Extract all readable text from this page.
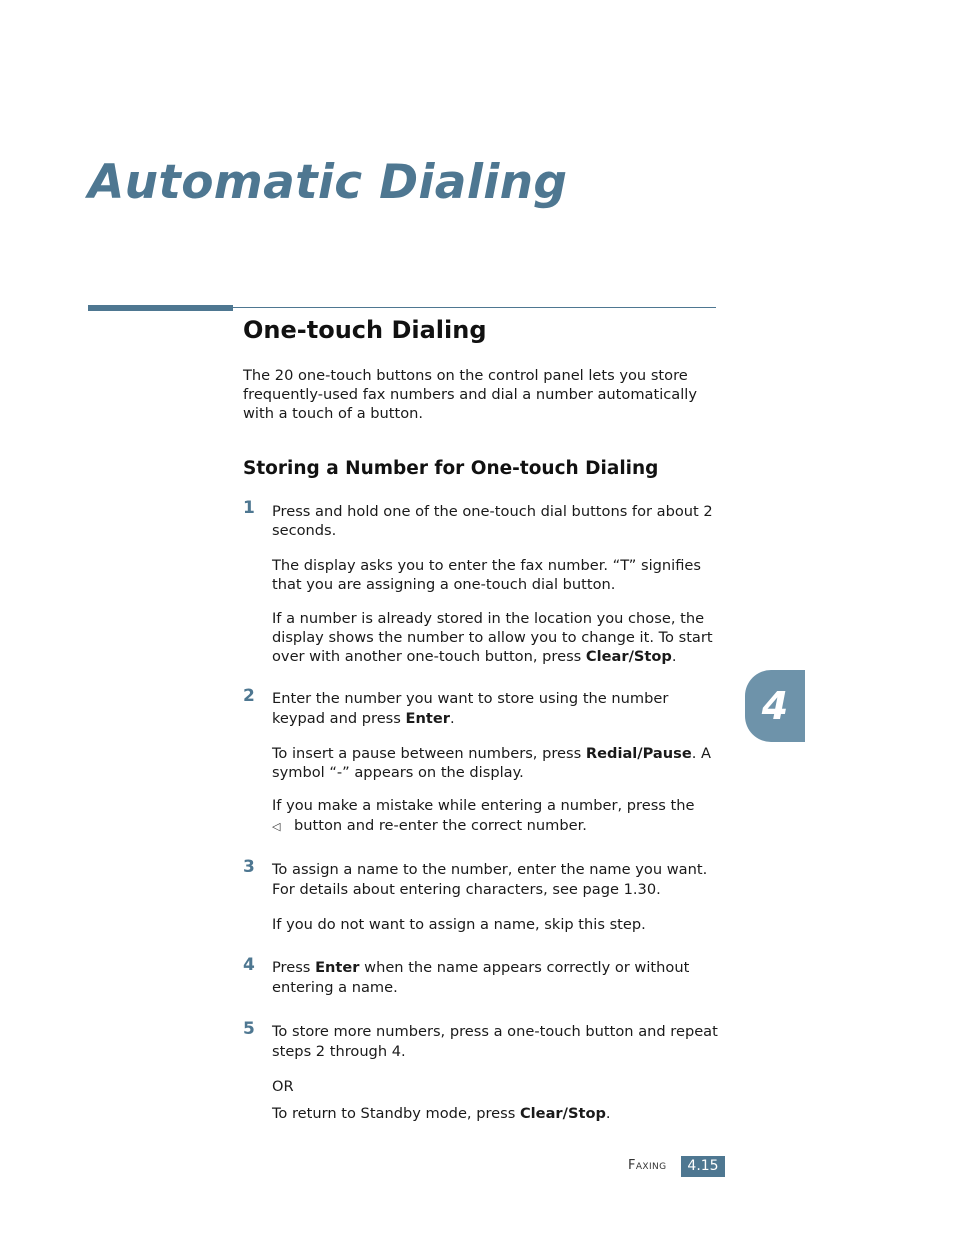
Automatic Dialing
One-touch Dialing

The 20 one-touch buttons on the control panel lets you store frequently-used fax numbers and dial a number automatically with a touch of a button.

Storing a Number for One-touch Dialing
1 Press and hold one of the one-touch dial buttons for about 2 seconds.

The display asks you to enter the fax number. “T” signifies that you are assigning a one-touch dial button.

If a number is already stored in the location you chose, the display shows the number to allow you to change it. To start over with another one-touch button, press Clear/Stop.

2 Enter the number you want to store using the number keypad and press Enter.

To insert a pause between numbers, press Redial/Pause. A symbol “-” appears on the display.

If you make a mistake while entering a number, press the
◁ button and re-enter the correct number.

3 To assign a name to the number, enter the name you want. For details about entering characters, see page 1.30.

If you do not want to assign a name, skip this step.

4 Press Enter when the name appears correctly or without entering a name.

5 To store more numbers, press a one-touch button and repeat steps 2 through 4.

OR

To return to Standby mode, press Clear/Stop.

4
Faxing	4.15
